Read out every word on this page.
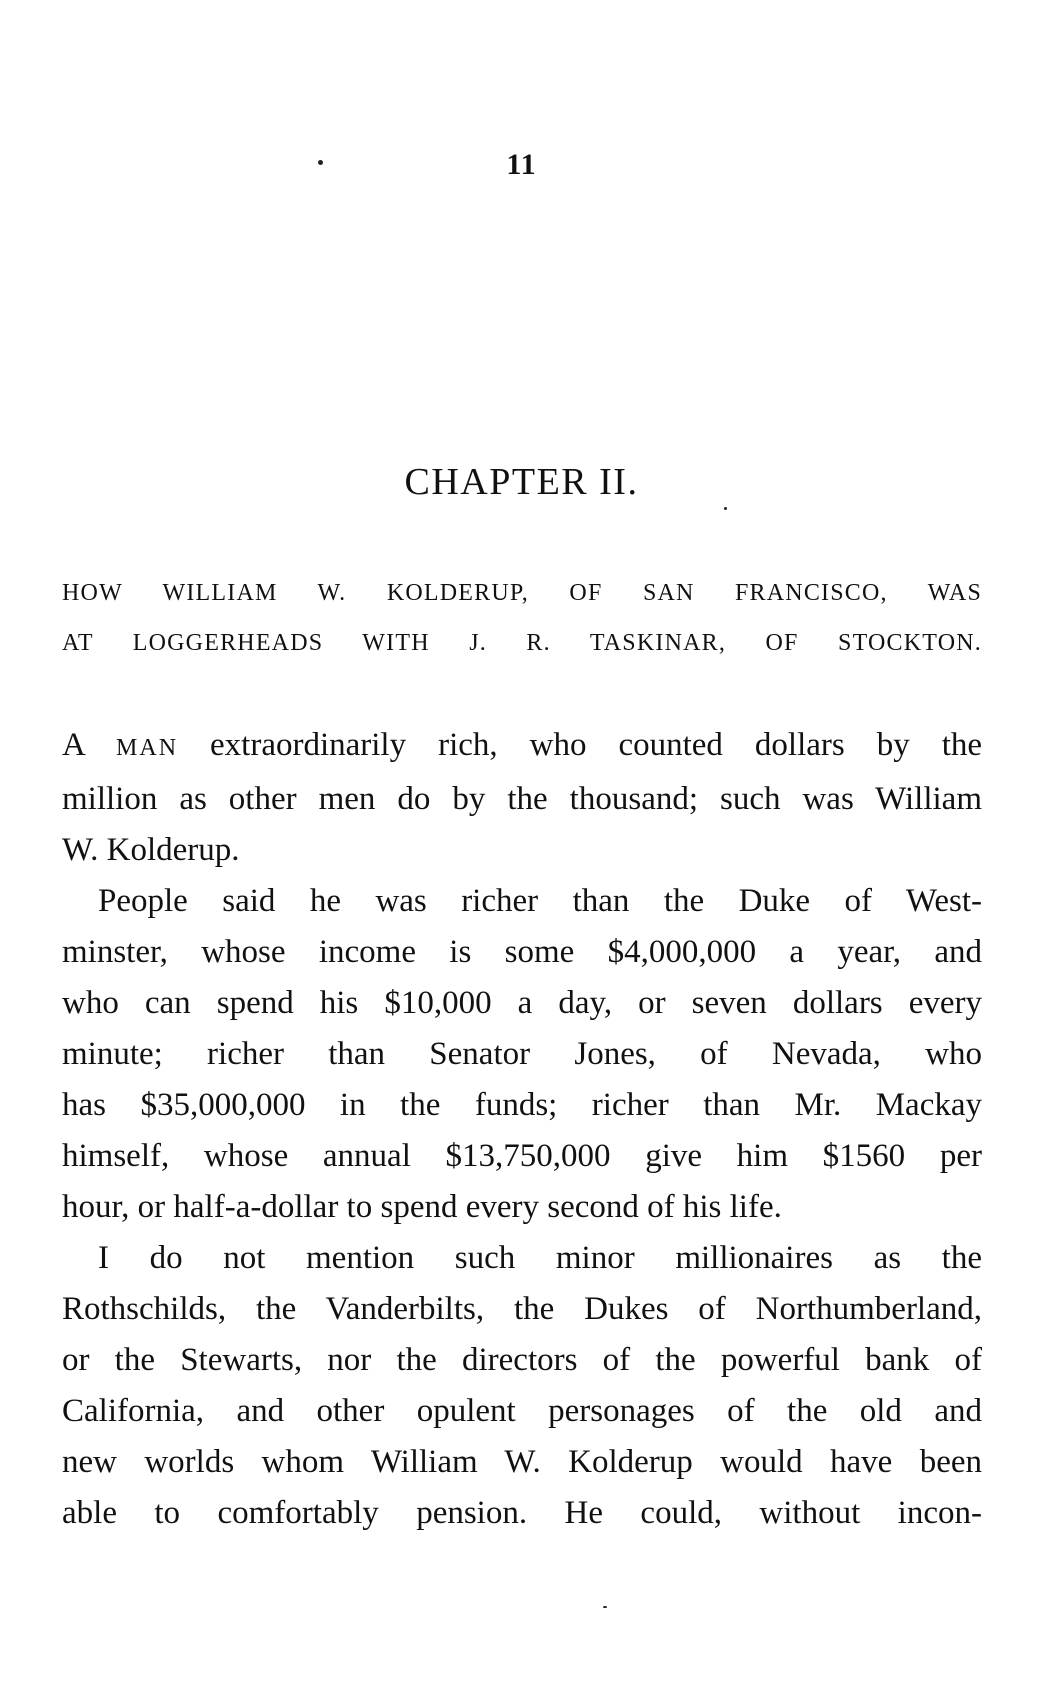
11
CHAPTER II.
HOW WILLIAM W. KOLDERUP, OF SAN FRANCISCO, WAS
AT LOGGERHEADS WITH J. R. TASKINAR, OF STOCKTON.
A MAN extraordinarily rich, who counted dollars by the
million as other men do by the thousand; such was William
W. Kolderup.
People said he was richer than the Duke of West-
minster, whose income is some $4,000,000 a year, and
who can spend his $10,000 a day, or seven dollars every
minute; richer than Senator Jones, of Nevada, who
has $35,000,000 in the funds; richer than Mr. Mackay
himself, whose annual $13,750,000 give him $1560 per
hour, or half-a-dollar to spend every second of his life.
I do not mention such minor millionaires as the
Rothschilds, the Vanderbilts, the Dukes of Northumberland,
or the Stewarts, nor the directors of the powerful bank of
California, and other opulent personages of the old and
new worlds whom William W. Kolderup would have been
able to comfortably pension. He could, without incon-
